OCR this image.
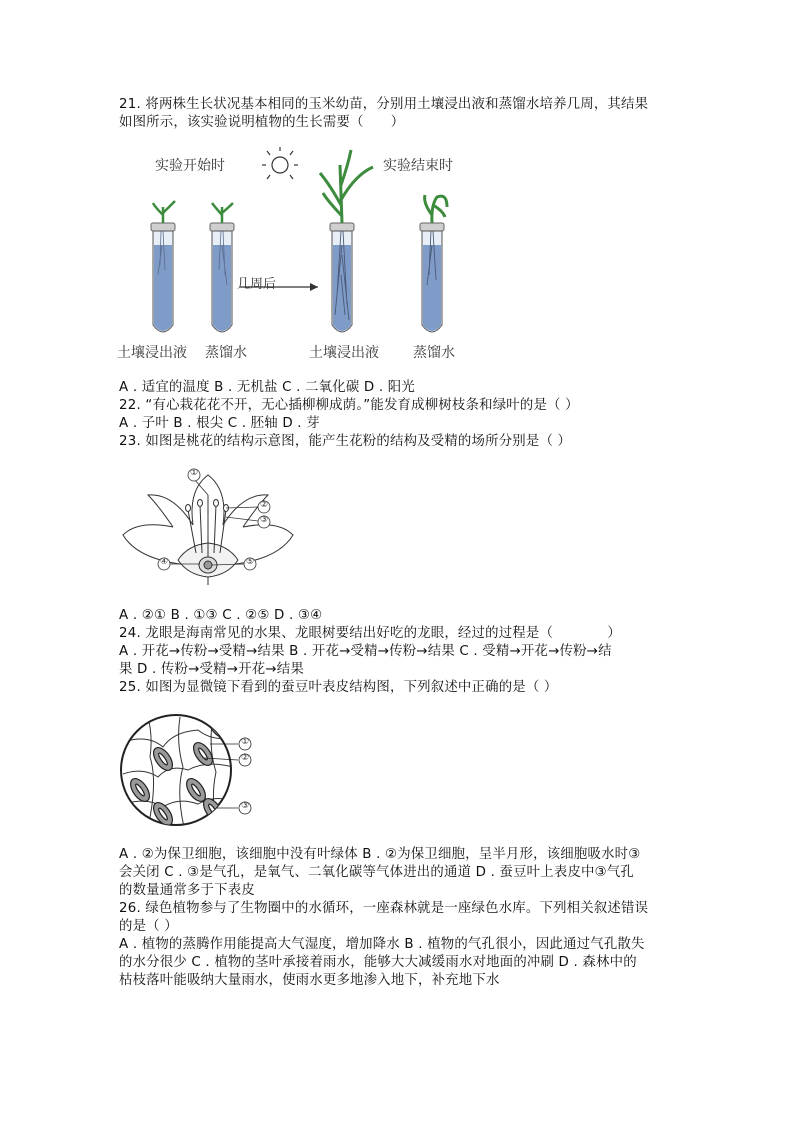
21. 将两株生长状况基本相同的玉米幼苗，分别用土壤浸出液和蒸馏水培养几周，其结果
如图所示，该实验说明植物的生长需要（　　）
实验开始时	实验结束时
几周后
土壤浸出液 蒸馏水	土壤浸出液 蒸馏水
A . 适宜的温度 B . 无机盐 C . 二氧化碳 D . 阳光
22. “有心栽花花不开，无心插柳柳成荫。”能发育成柳树枝条和绿叶的是（ ）
A . 子叶 B . 根尖 C . 胚轴 D . 芽
23. 如图是桃花的结构示意图，能产生花粉的结构及受精的场所分别是（ ）
①
②
③
④	⑤
A . ②① B . ①③ C . ②⑤ D . ③④
24. 龙眼是海南常见的水果、龙眼树要结出好吃的龙眼，经过的过程是（　　　　）
A . 开花→传粉→受精→结果 B . 开花→受精→传粉→结果 C . 受精→开花→传粉→结
果 D . 传粉→受精→开花→结果
25. 如图为显微镜下看到的蚕豆叶表皮结构图，下列叙述中正确的是（ ）
①
②
③
A . ②为保卫细胞，该细胞中没有叶绿体 B . ②为保卫细胞，呈半月形，该细胞吸水时③
会关闭 C . ③是气孔，是氧气、二氧化碳等气体进出的通道 D . 蚕豆叶上表皮中③气孔
的数量通常多于下表皮
26. 绿色植物参与了生物圈中的水循环，一座森林就是一座绿色水库。下列相关叙述错误
的是（ ）
A . 植物的蒸腾作用能提高大气湿度，增加降水 B . 植物的气孔很小，因此通过气孔散失
的水分很少 C . 植物的茎叶承接着雨水，能够大大减缓雨水对地面的冲刷 D . 森林中的
枯枝落叶能吸纳大量雨水，使雨水更多地渗入地下，补充地下水
